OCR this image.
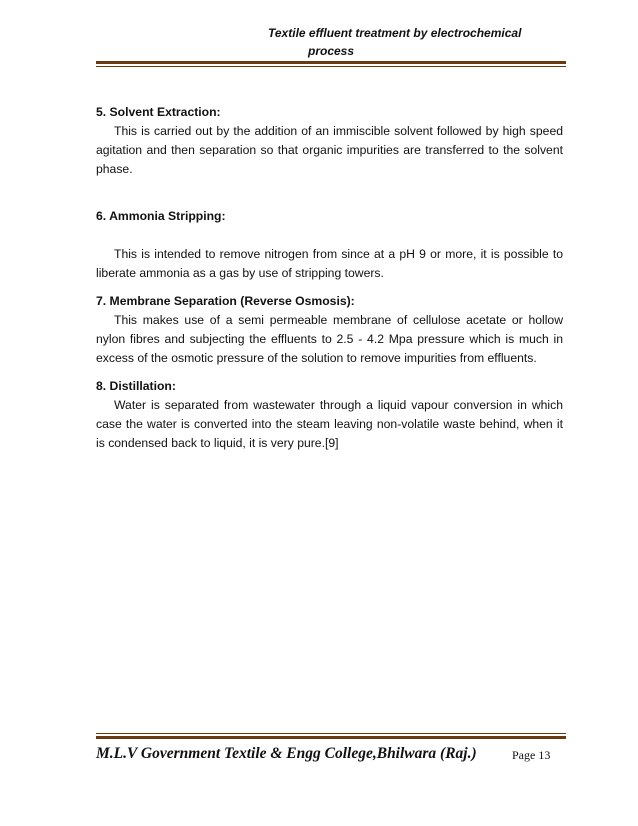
Textile effluent treatment by electrochemical
process
5. Solvent Extraction:

This is carried out by the addition of an immiscible solvent followed by high speed agitation and then separation so that organic impurities are transferred to the solvent phase.

6. Ammonia Stripping:

This is intended to remove nitrogen from since at a pH 9 or more, it is possible to liberate ammonia as a gas by use of stripping towers.

7. Membrane Separation (Reverse Osmosis):

This makes use of a semi permeable membrane of cellulose acetate or hollow nylon fibres and subjecting the effluents to 2.5 - 4.2 Mpa pressure which is much in excess of the osmotic pressure of the solution to remove impurities from effluents.

8. Distillation:

Water is separated from wastewater through a liquid vapour conversion in which case the water is converted into the steam leaving non-volatile waste behind, when it is condensed back to liquid, it is very pure.[9]

M.L.V Government Textile & Engg College,Bhilwara (Raj.)	Page 13
